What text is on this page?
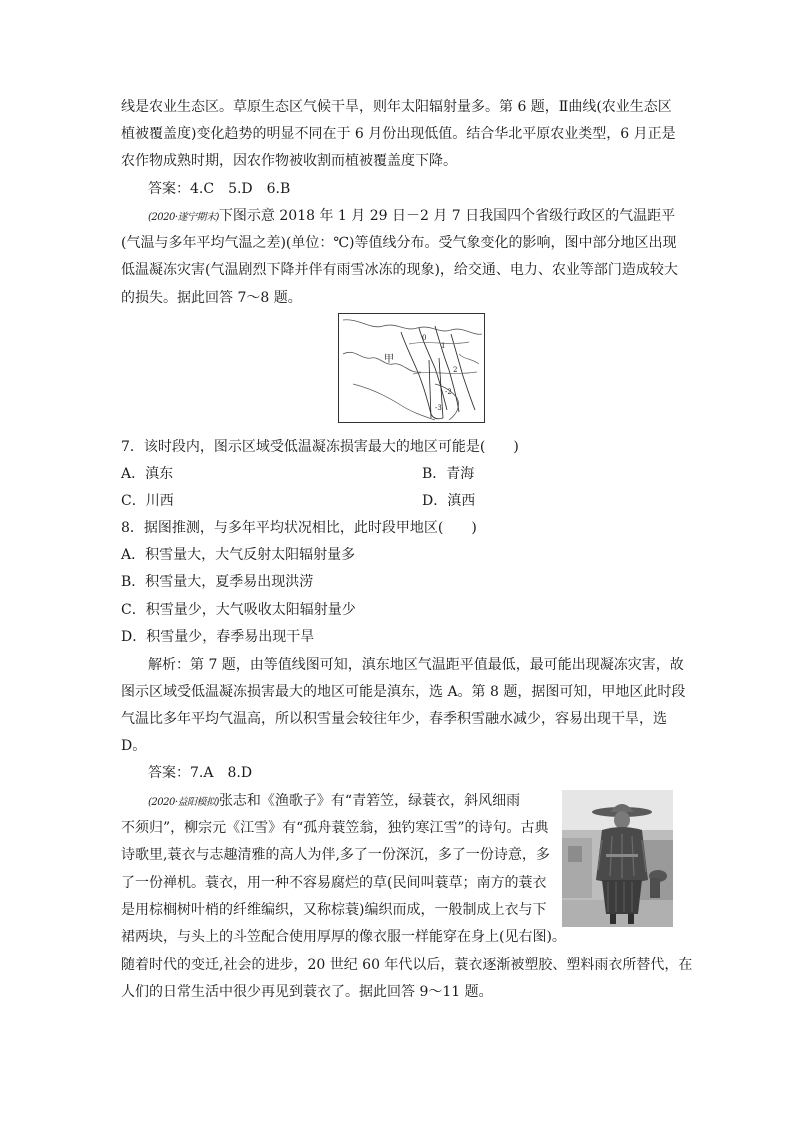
线是农业生态区。草原生态区气候干旱，则年太阳辐射量多。第 6 题，Ⅱ曲线(农业生态区
植被覆盖度)变化趋势的明显不同在于 6 月份出现低值。结合华北平原农业类型，6 月正是
农作物成熟时期，因农作物被收割而植被覆盖度下降。
答案：4.C　5.D　6.B
(2020·遂宁期末)下图示意 2018 年 1 月 29 日－2 月 7 日我国四个省级行政区的气温距平
(气温与多年平均气温之差)(单位：℃)等值线分布。受气象变化的影响，图中部分地区出现
低温凝冻灾害(气温剧烈下降并伴有雨雪冰冻的现象)，给交通、电力、农业等部门造成较大
的损失。据此回答 7～8 题。
0
1
2
-2
-3
甲
7．该时段内，图示区域受低温凝冻损害最大的地区可能是(　　)
A．滇东	B．青海
C．川西	D．滇西
8．据图推测，与多年平均状况相比，此时段甲地区(　　)
A．积雪量大，大气反射太阳辐射量多
B．积雪量大，夏季易出现洪涝
C．积雪量少，大气吸收太阳辐射量少
D．积雪量少，春季易出现干旱
解析：第 7 题，由等值线图可知，滇东地区气温距平值最低，最可能出现凝冻灾害，故
图示区域受低温凝冻损害最大的地区可能是滇东，选 A。第 8 题，据图可知，甲地区此时段
气温比多年平均气温高，所以积雪量会较往年少，春季积雪融水减少，容易出现干旱，选
D。
答案：7.A　8.D
(2020·益阳模拟)张志和《渔歌子》有“青箬笠，绿蓑衣，斜风细雨
不须归”，柳宗元《江雪》有“孤舟蓑笠翁，独钓寒江雪”的诗句。古典
诗歌里,蓑衣与志趣清雅的高人为伴,多了一份深沉，多了一份诗意，多
了一份禅机。蓑衣，用一种不容易腐烂的草(民间叫蓑草；南方的蓑衣
是用棕榈树叶梢的纤维编织，又称棕蓑)编织而成，一般制成上衣与下
裙两块，与头上的斗笠配合使用厚厚的像衣服一样能穿在身上(见右图)。
随着时代的变迁,社会的进步，20 世纪 60 年代以后，蓑衣逐渐被塑胶、塑料雨衣所替代，在
人们的日常生活中很少再见到蓑衣了。据此回答 9～11 题。
